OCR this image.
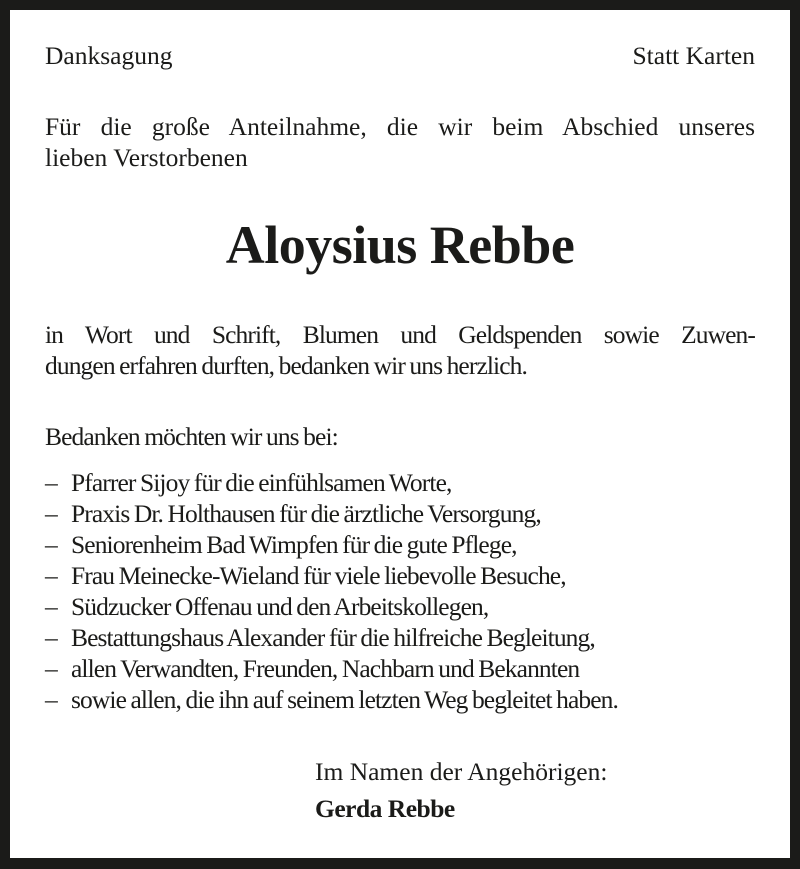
Danksagung	Statt Karten
Für die große Anteilnahme, die wir beim Abschied unseres
lieben Verstorbenen
Aloysius Rebbe
in Wort und Schrift, Blumen und Geldspenden sowie Zuwen-
dungen erfahren durften, bedanken wir uns herzlich.
Bedanken möchten wir uns bei:
– Pfarrer Sijoy für die einfühlsamen Worte,
– Praxis Dr. Holthausen für die ärztliche Versorgung,
– Seniorenheim Bad Wimpfen für die gute Pflege,
– Frau Meinecke-Wieland für viele liebevolle Besuche,
– Südzucker Offenau und den Arbeitskollegen,
– Bestattungshaus Alexander für die hilfreiche Begleitung,
– allen Verwandten, Freunden, Nachbarn und Bekannten
– sowie allen, die ihn auf seinem letzten Weg begleitet haben.
Im Namen der Angehörigen:
Gerda Rebbe
